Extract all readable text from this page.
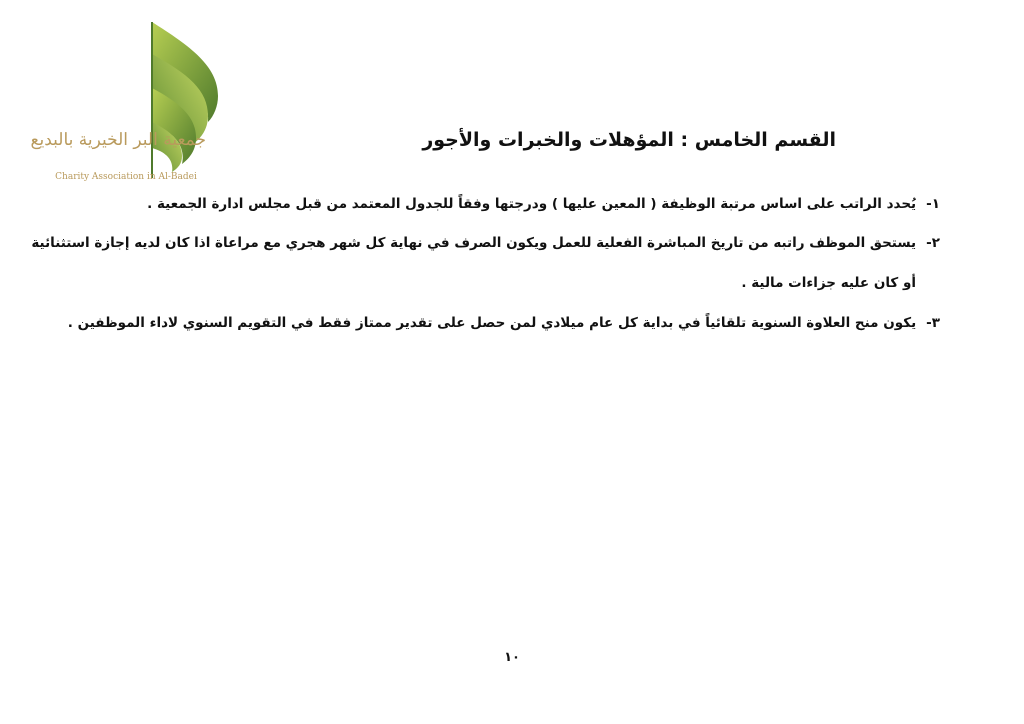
جمعية البر الخيرية بالبديع
Charity Association in Al-Badei
القسم الخامس : المؤهلات والخبرات والأجور
١-يُحدد الراتب على اساس مرتبة الوظيفة ( المعين عليها ) ودرجتها وفقاً للجدول المعتمد من قبل مجلس ادارة الجمعية .
٢-يستحق الموظف راتبه من تاريخ المباشرة الفعلية للعمل ويكون الصرف في نهاية كل شهر هجري مع مراعاة اذا كان لديه إجازة استثنائية
أو كان عليه جزاءات مالية .
٣-يكون منح العلاوة السنوية تلقائياً في بداية كل عام ميلادي لمن حصل على تقدير ممتاز فقط في التقويم السنوي لاداء الموظفين .
١٠
